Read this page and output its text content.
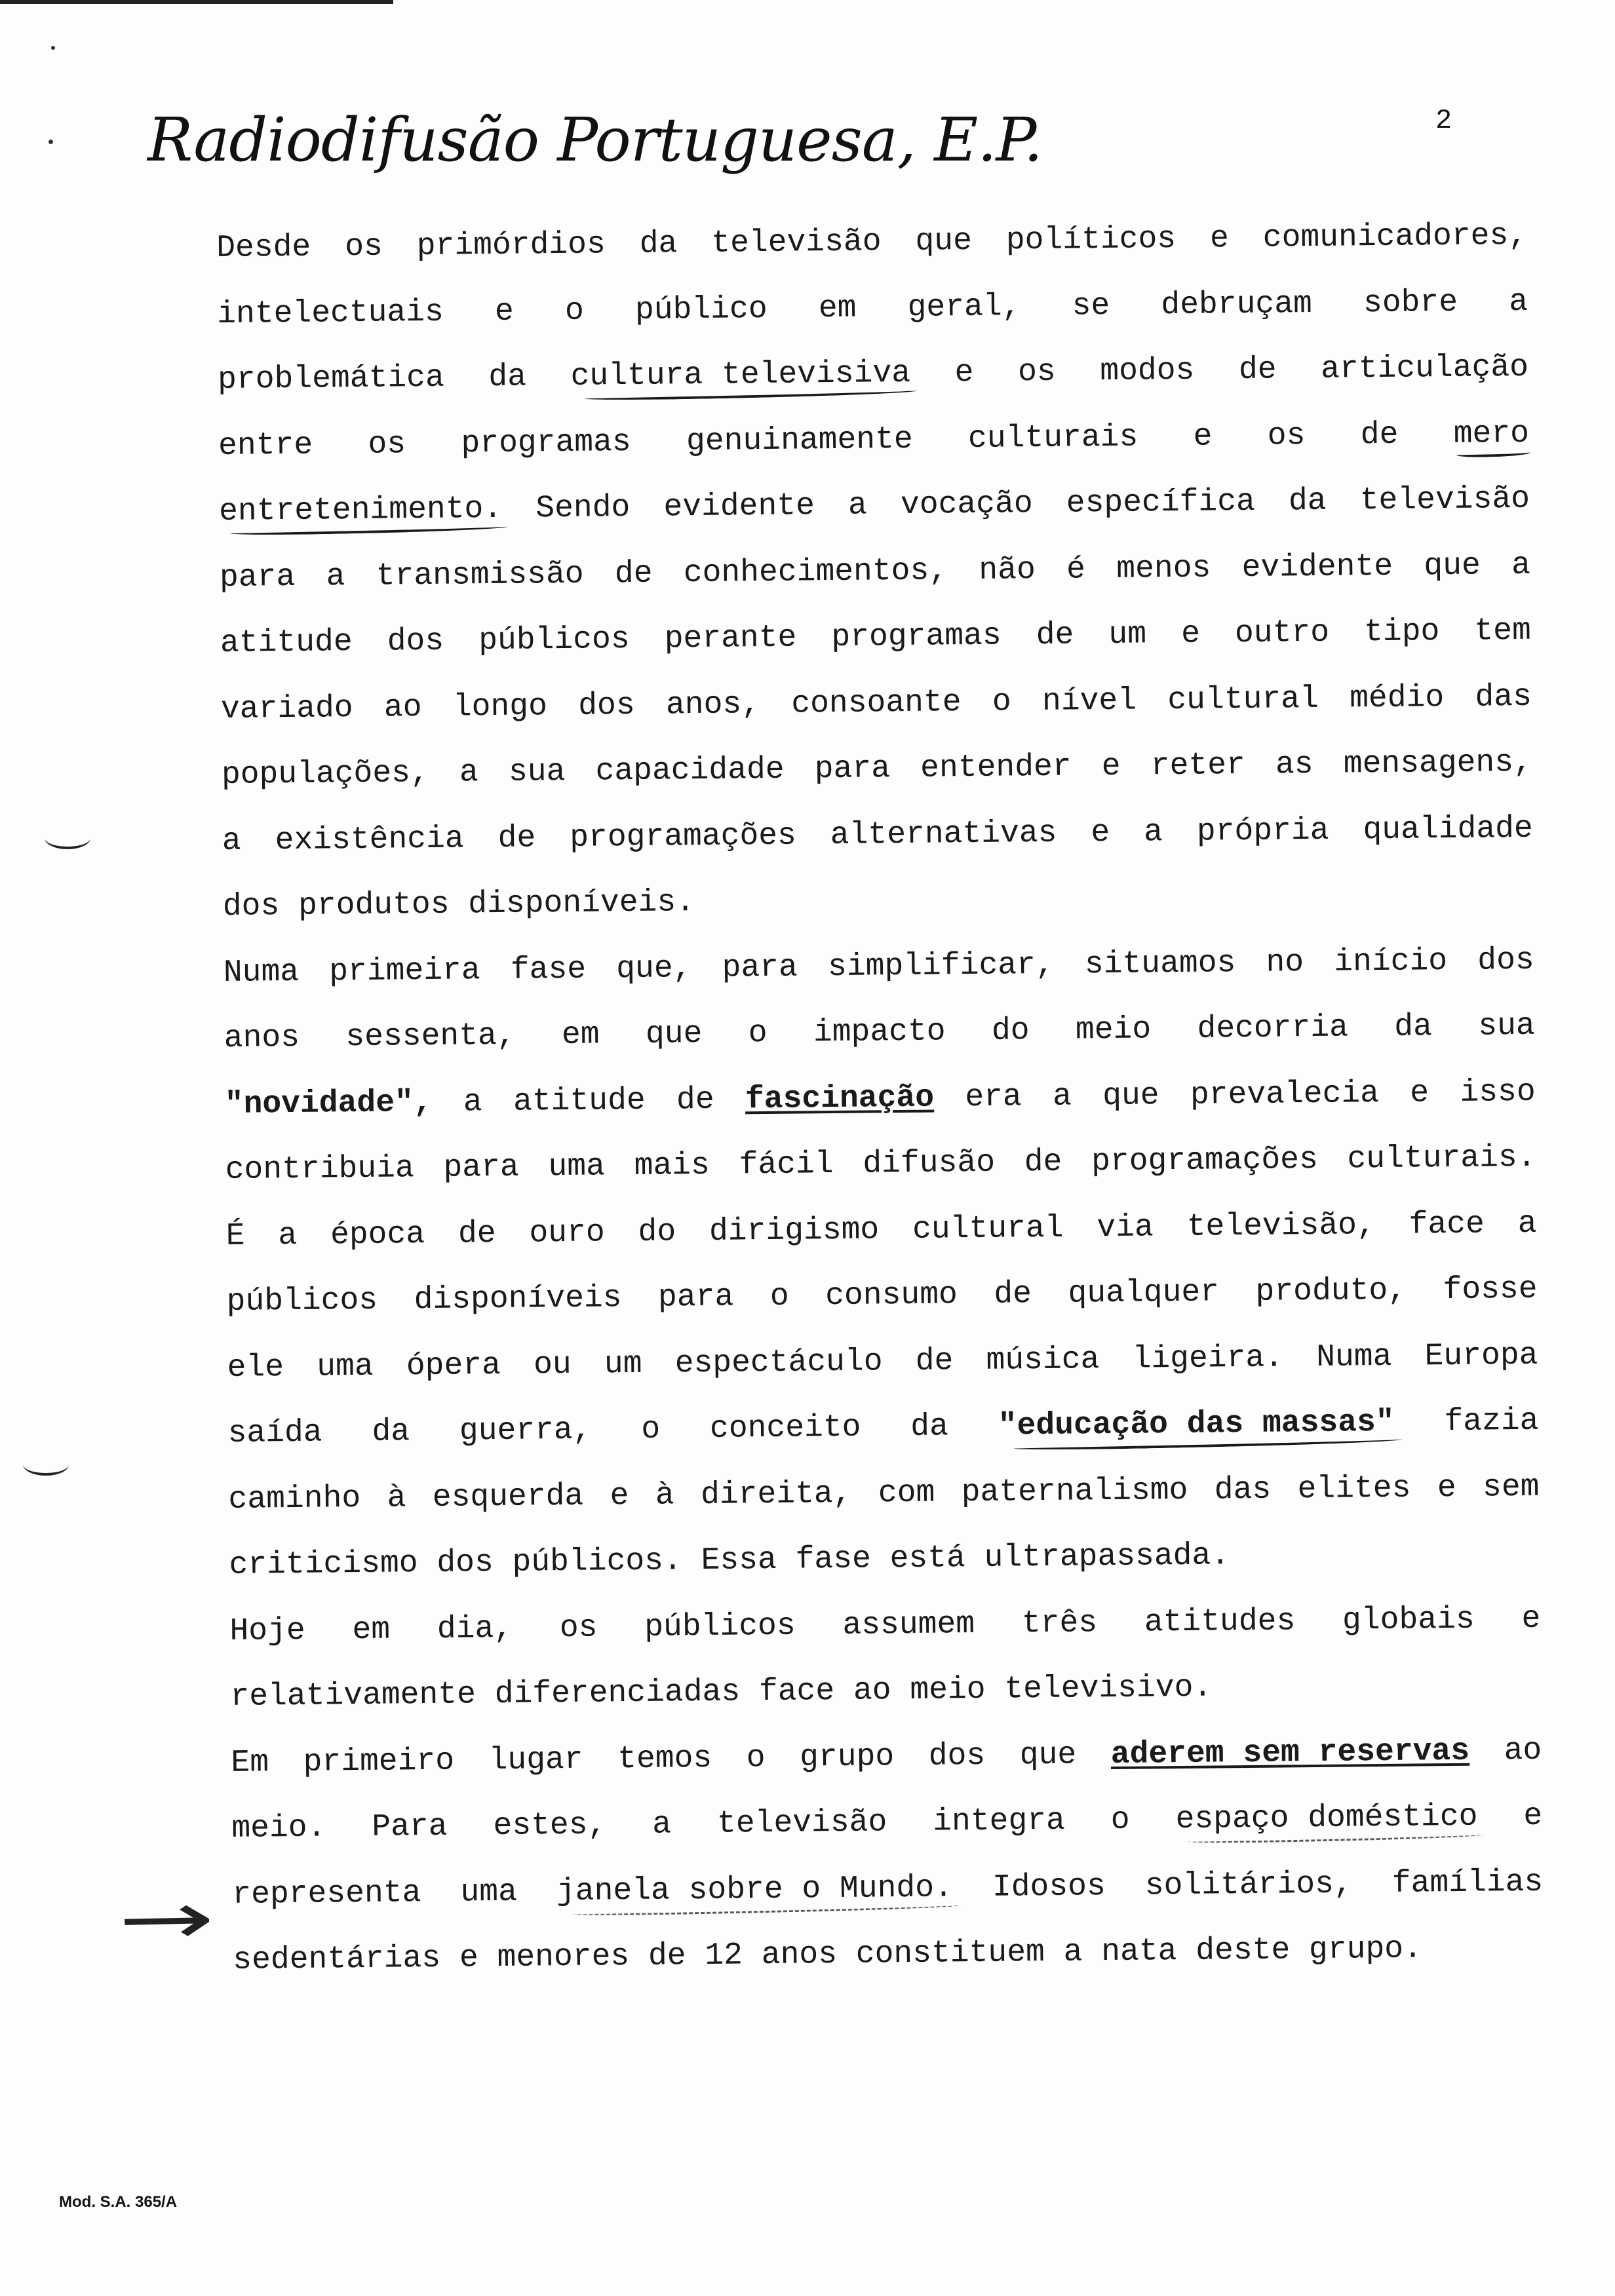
Radiodifusão Portuguesa, E.P.	2
Desde os primórdios da televisão que políticos e comunicadores,
intelectuais e o público em geral, se debruçam sobre a
problemática da cultura televisiva e os modos de articulação
entre os programas genuinamente culturais e os de mero
entretenimento. Sendo evidente a vocação específica da televisão
para a transmissão de conhecimentos, não é menos evidente que a
atitude dos públicos perante programas de um e outro tipo tem
variado ao longo dos anos, consoante o nível cultural médio das
populações, a sua capacidade para entender e reter as mensagens,
a existência de programações alternativas e a própria qualidade
dos produtos disponíveis.
Numa primeira fase que, para simplificar, situamos no início dos
anos sessenta, em que o impacto do meio decorria da sua
"novidade", a atitude de fascinação era a que prevalecia e isso
contribuia para uma mais fácil difusão de programações culturais.
É a época de ouro do dirigismo cultural via televisão, face a
públicos disponíveis para o consumo de qualquer produto, fosse
ele uma ópera ou um espectáculo de música ligeira. Numa Europa
saída da guerra, o conceito da "educação das massas" fazia
caminho à esquerda e à direita, com paternalismo das elites e sem
criticismo dos públicos. Essa fase está ultrapassada.
Hoje em dia, os públicos assumem três atitudes globais e
relativamente diferenciadas face ao meio televisivo.
Em primeiro lugar temos o grupo dos que aderem sem reservas ao
meio. Para estes, a televisão integra o espaço doméstico e
representa uma janela sobre o Mundo. Idosos solitários, famílias
sedentárias e menores de 12 anos constituem a nata deste grupo.
→
Mod. S.A. 365/A
